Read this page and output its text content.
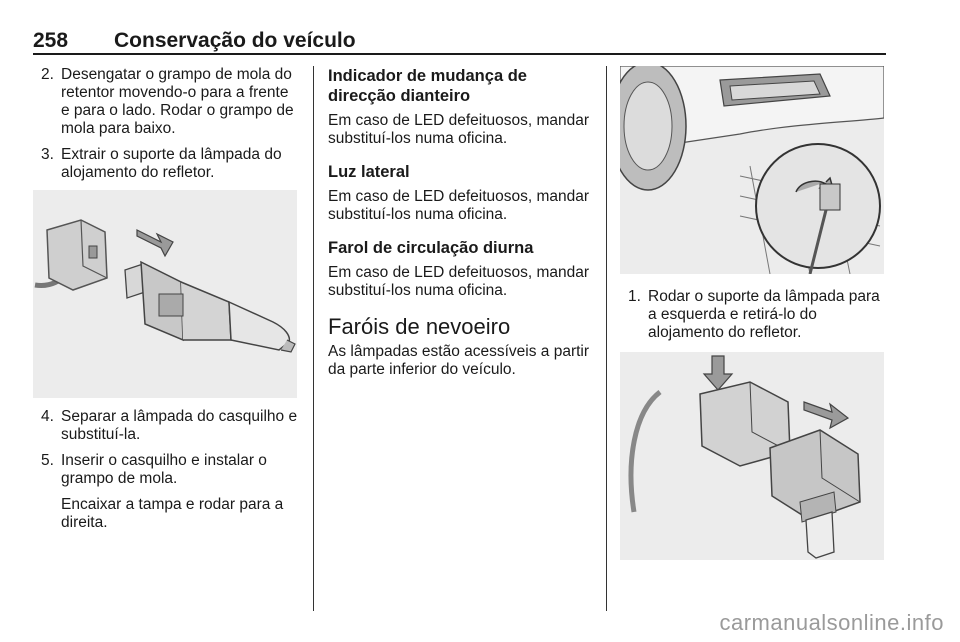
258 Conservação do veículo
2. Desengatar o grampo de mola do retentor movendo-o para a frente e para o lado. Rodar o grampo de mola para baixo.

3. Extrair o suporte da lâmpada do alojamento do refletor.

4. Separar a lâmpada do casquilho e substituí-la.

5. Inserir o casquilho e instalar o grampo de mola.

Encaixar a tampa e rodar para a direita.

Indicador de mudança de direcção dianteiro

Em caso de LED defeituosos, mandar substituí-los numa oficina.

Luz lateral

Em caso de LED defeituosos, mandar substituí-los numa oficina.

Farol de circulação diurna

Em caso de LED defeituosos, mandar substituí-los numa oficina.

Faróis de nevoeiro

As lâmpadas estão acessíveis a partir da parte inferior do veículo.

1. Rodar o suporte da lâmpada para a esquerda e retirá-lo do alojamento do refletor.

carmanualsonline.info
